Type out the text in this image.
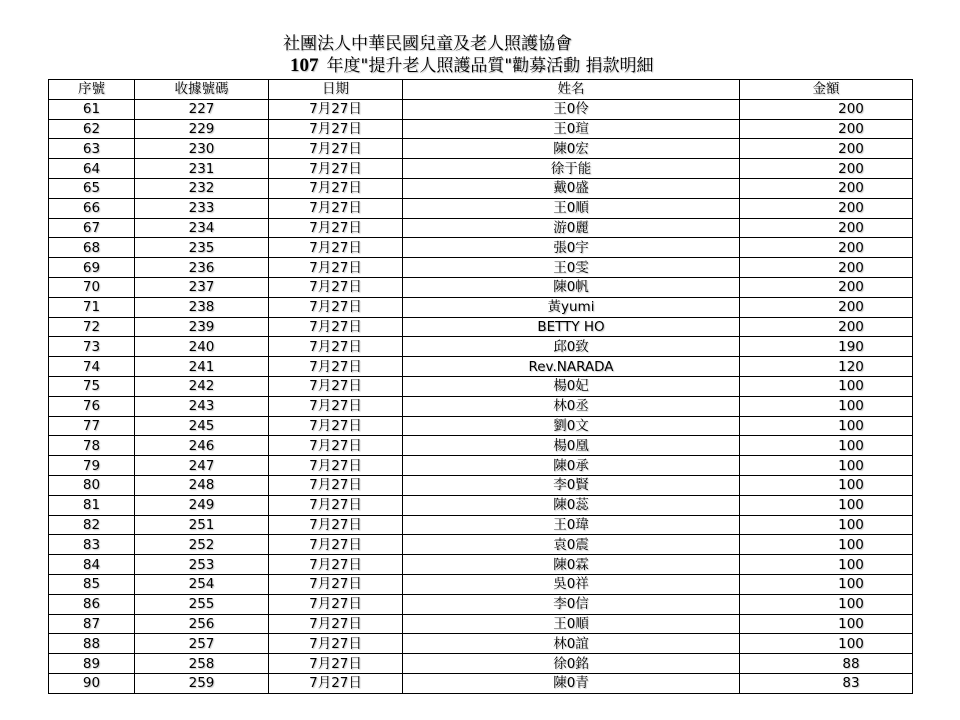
社團法人中華民國兒童及老人照護協會
107 年度"提升老人照護品質"勸募活動 捐款明細
序號	收據號碼	日期	姓名	金額
61	227	7月27日	王0伶	200
62	229	7月27日	王0瑄	200
63	230	7月27日	陳0宏	200
64	231	7月27日	徐于能	200
65	232	7月27日	戴0盛	200
66	233	7月27日	王0順	200
67	234	7月27日	游0麗	200
68	235	7月27日	張0宇	200
69	236	7月27日	王0雯	200
70	237	7月27日	陳0帆	200
71	238	7月27日	黃yumi	200
72	239	7月27日	BETTY HO	200
73	240	7月27日	邱0致	190
74	241	7月27日	Rev.NARADA	120
75	242	7月27日	楊0妃	100
76	243	7月27日	林0丞	100
77	245	7月27日	劉0文	100
78	246	7月27日	楊0凰	100
79	247	7月27日	陳0承	100
80	248	7月27日	李0賢	100
81	249	7月27日	陳0蕊	100
82	251	7月27日	王0瑋	100
83	252	7月27日	袁0震	100
84	253	7月27日	陳0霖	100
85	254	7月27日	吳0祥	100
86	255	7月27日	李0信	100
87	256	7月27日	王0順	100
88	257	7月27日	林0誼	100
89	258	7月27日	徐0銘	88
90	259	7月27日	陳0青	83
